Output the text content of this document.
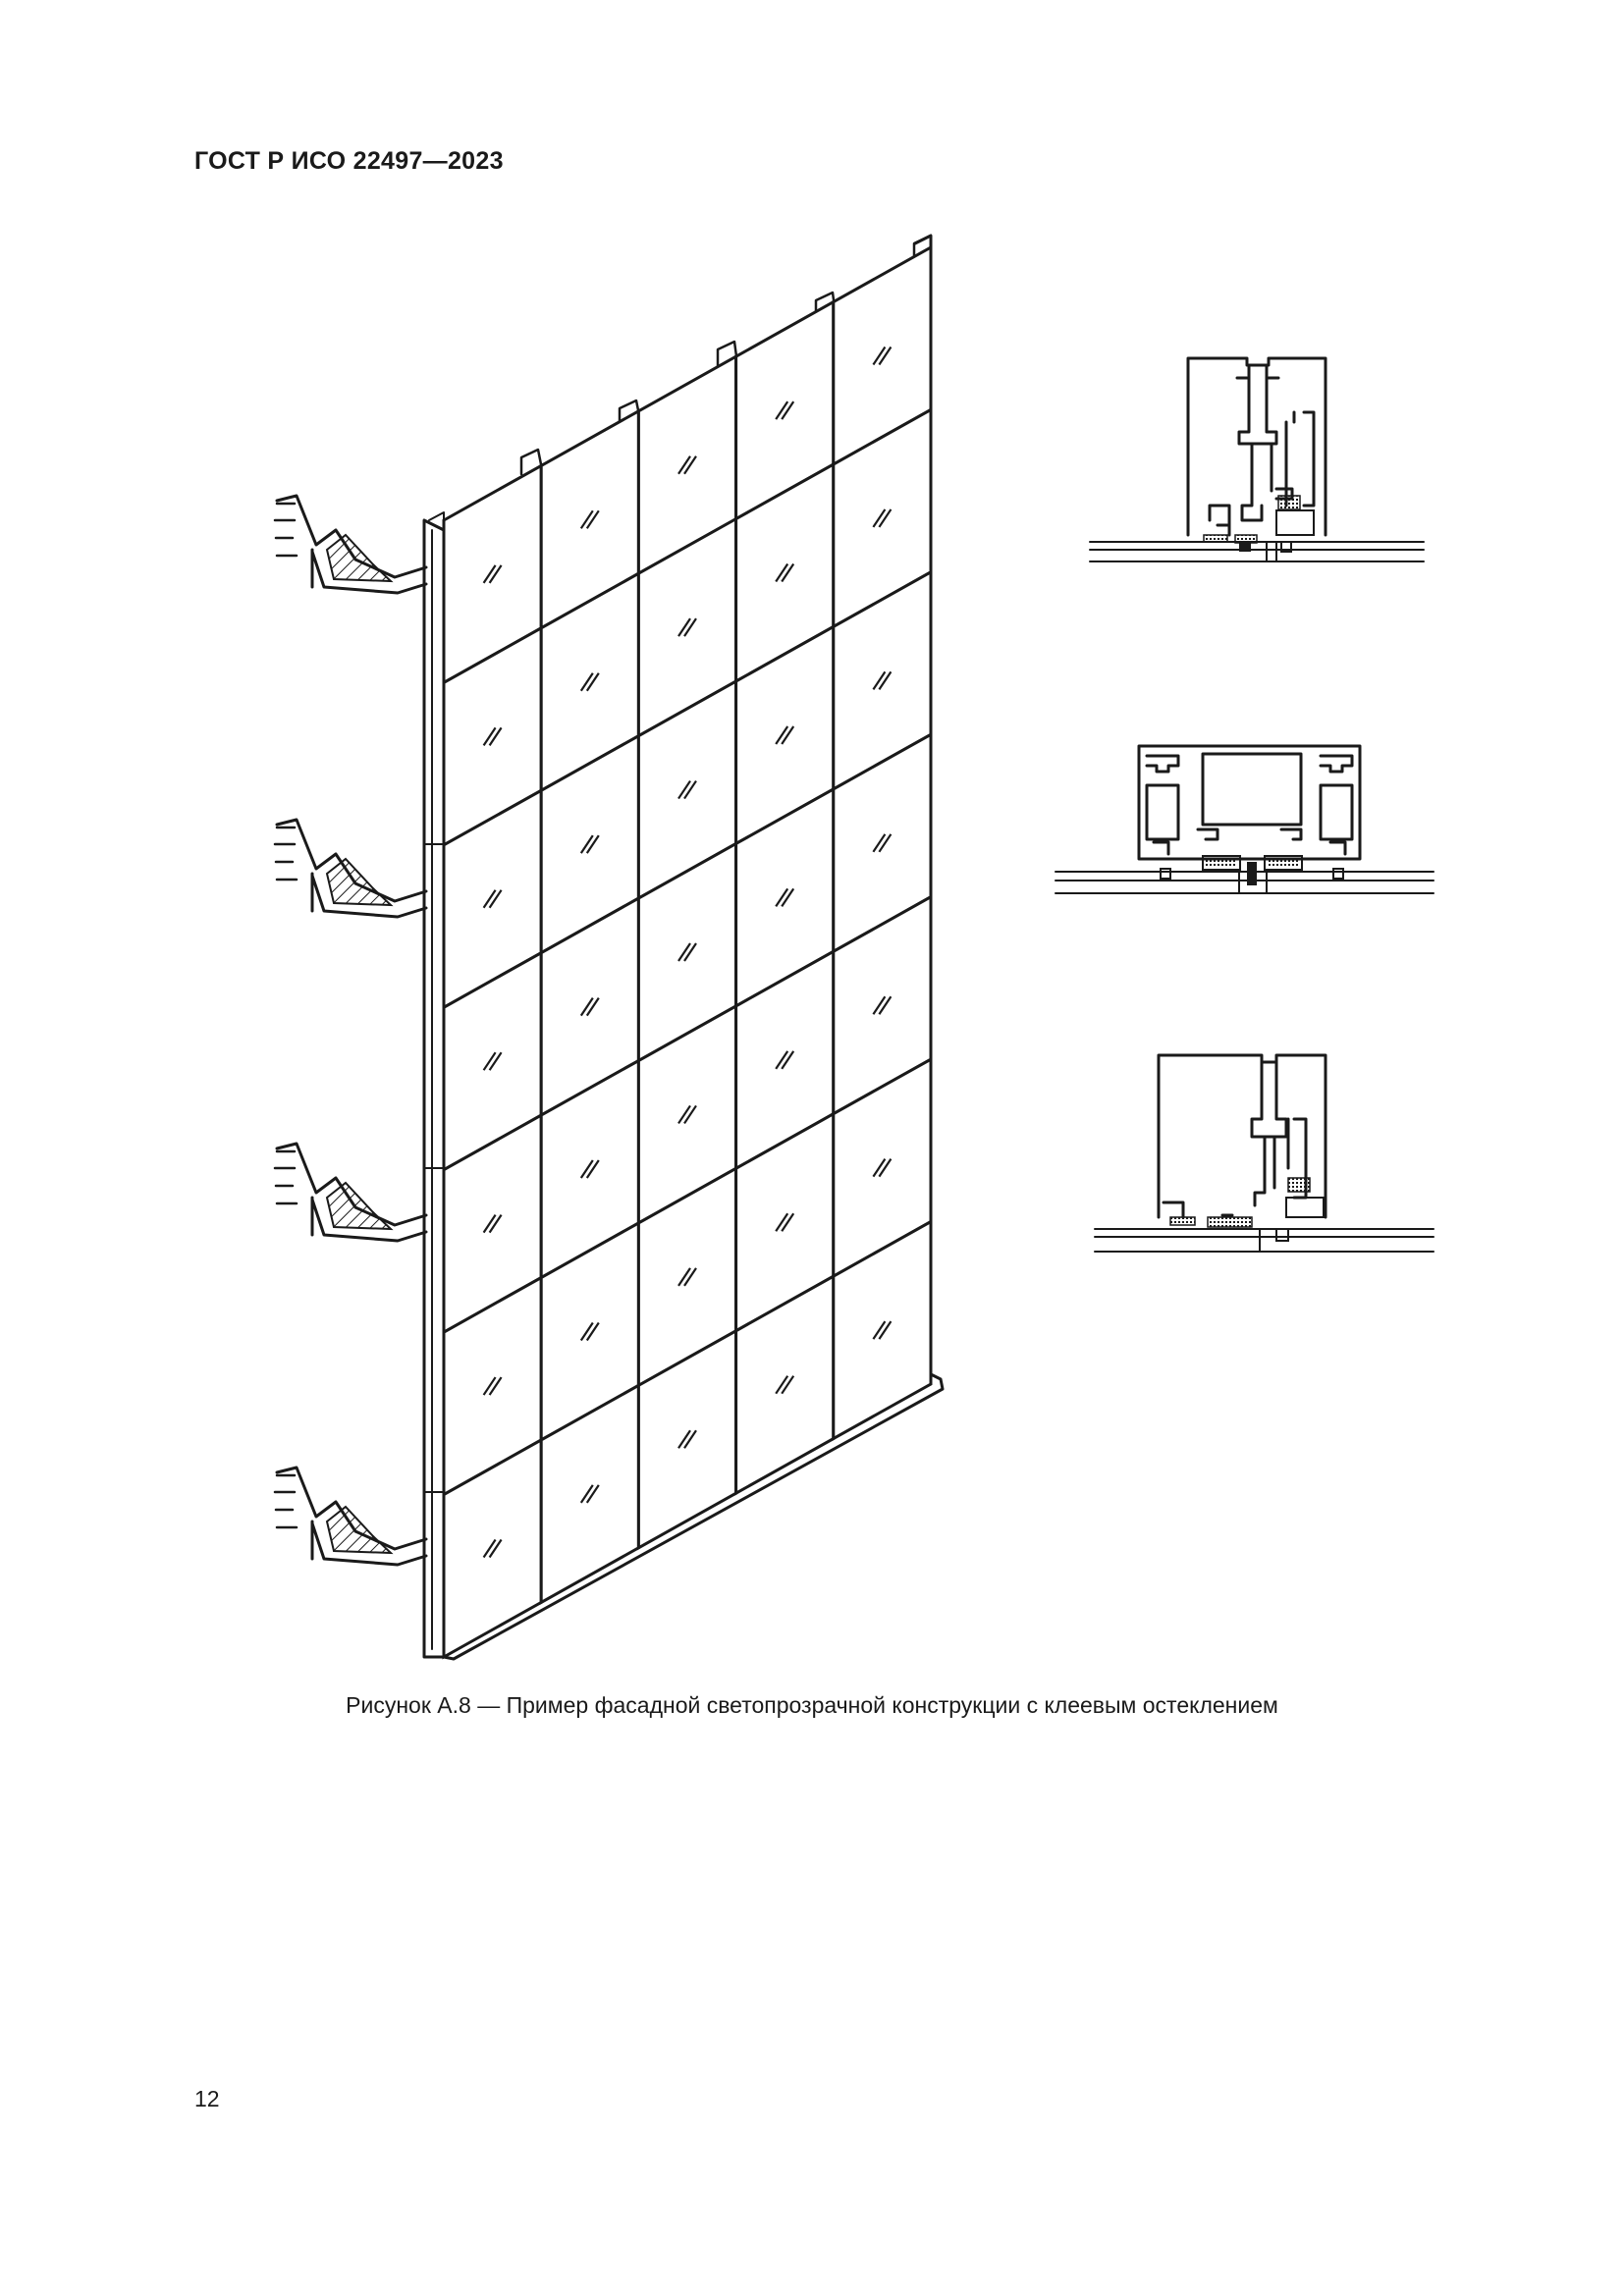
ГОСТ Р ИСО 22497—2023
Рисунок А.8 — Пример фасадной светопрозрачной конструкции с клеевым остеклением
12
